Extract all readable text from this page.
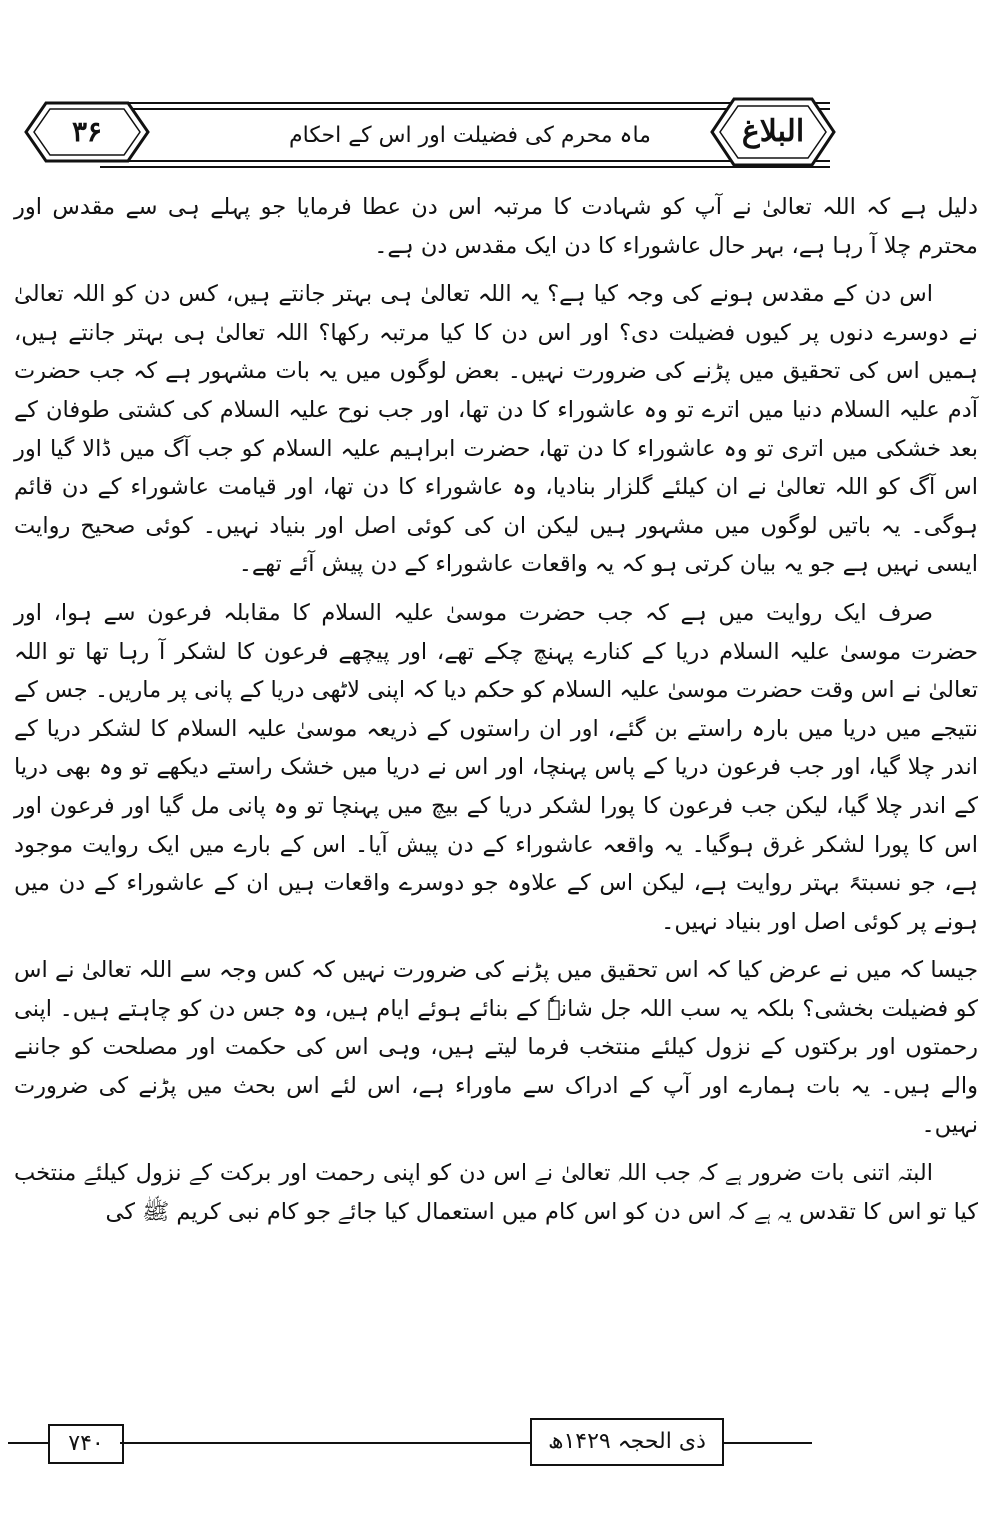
۳۶	ماہ محرم کی فضیلت اور اس کے احکام	البلاغ

دلیل ہے کہ اللہ تعالیٰ نے آپ کو شہادت کا مرتبہ اس دن عطا فرمایا جو پہلے ہی سے مقدس اور محترم چلا آ رہا ہے، بہر حال عاشوراء کا دن ایک مقدس دن ہے۔

اس دن کے مقدس ہونے کی وجہ کیا ہے؟ یہ اللہ تعالیٰ ہی بہتر جانتے ہیں، کس دن کو اللہ تعالیٰ نے دوسرے دنوں پر کیوں فضیلت دی؟ اور اس دن کا کیا مرتبہ رکھا؟ اللہ تعالیٰ ہی بہتر جانتے ہیں، ہمیں اس کی تحقیق میں پڑنے کی ضرورت نہیں۔ بعض لوگوں میں یہ بات مشہور ہے کہ جب حضرت آدم علیہ السلام دنیا میں اترے تو وہ عاشوراء کا دن تھا، اور جب نوح علیہ السلام کی کشتی طوفان کے بعد خشکی میں اتری تو وہ عاشوراء کا دن تھا، حضرت ابراہیم علیہ السلام کو جب آگ میں ڈالا گیا اور اس آگ کو اللہ تعالیٰ نے ان کیلئے گلزار بنادیا، وہ عاشوراء کا دن تھا، اور قیامت عاشوراء کے دن قائم ہوگی۔ یہ باتیں لوگوں میں مشہور ہیں لیکن ان کی کوئی اصل اور بنیاد نہیں۔ کوئی صحیح روایت ایسی نہیں ہے جو یہ بیان کرتی ہو کہ یہ واقعات عاشوراء کے دن پیش آئے تھے۔

صرف ایک روایت میں ہے کہ جب حضرت موسیٰ علیہ السلام کا مقابلہ فرعون سے ہوا، اور حضرت موسیٰ علیہ السلام دریا کے کنارے پہنچ چکے تھے، اور پیچھے فرعون کا لشکر آ رہا تھا تو اللہ تعالیٰ نے اس وقت حضرت موسیٰ علیہ السلام کو حکم دیا کہ اپنی لاٹھی دریا کے پانی پر ماریں۔ جس کے نتیجے میں دریا میں بارہ راستے بن گئے، اور ان راستوں کے ذریعہ موسیٰ علیہ السلام کا لشکر دریا کے اندر چلا گیا، اور جب فرعون دریا کے پاس پہنچا، اور اس نے دریا میں خشک راستے دیکھے تو وہ بھی دریا کے اندر چلا گیا، لیکن جب فرعون کا پورا لشکر دریا کے بیچ میں پہنچا تو وہ پانی مل گیا اور فرعون اور اس کا پورا لشکر غرق ہوگیا۔ یہ واقعہ عاشوراء کے دن پیش آیا۔ اس کے بارے میں ایک روایت موجود ہے، جو نسبتہً بہتر روایت ہے، لیکن اس کے علاوہ جو دوسرے واقعات ہیں ان کے عاشوراء کے دن میں ہونے پر کوئی اصل اور بنیاد نہیں۔

جیسا کہ میں نے عرض کیا کہ اس تحقیق میں پڑنے کی ضرورت نہیں کہ کس وجہ سے اللہ تعالیٰ نے اس کو فضیلت بخشی؟ بلکہ یہ سب اللہ جل شانہٗ کے بنائے ہوئے ایام ہیں، وہ جس دن کو چاہتے ہیں۔ اپنی رحمتوں اور برکتوں کے نزول کیلئے منتخب فرما لیتے ہیں، وہی اس کی حکمت اور مصلحت کو جاننے والے ہیں۔ یہ بات ہمارے اور آپ کے ادراک سے ماوراء ہے، اس لئے اس بحث میں پڑنے کی ضرورت نہیں۔

البتہ اتنی بات ضرور ہے کہ جب اللہ تعالیٰ نے اس دن کو اپنی رحمت اور برکت کے نزول کیلئے منتخب کیا تو اس کا تقدس یہ ہے کہ اس دن کو اس کام میں استعمال کیا جائے جو کام نبی کریم ﷺ کی

۷۴۰	ذی الحجہ ۱۴۲۹ھ
